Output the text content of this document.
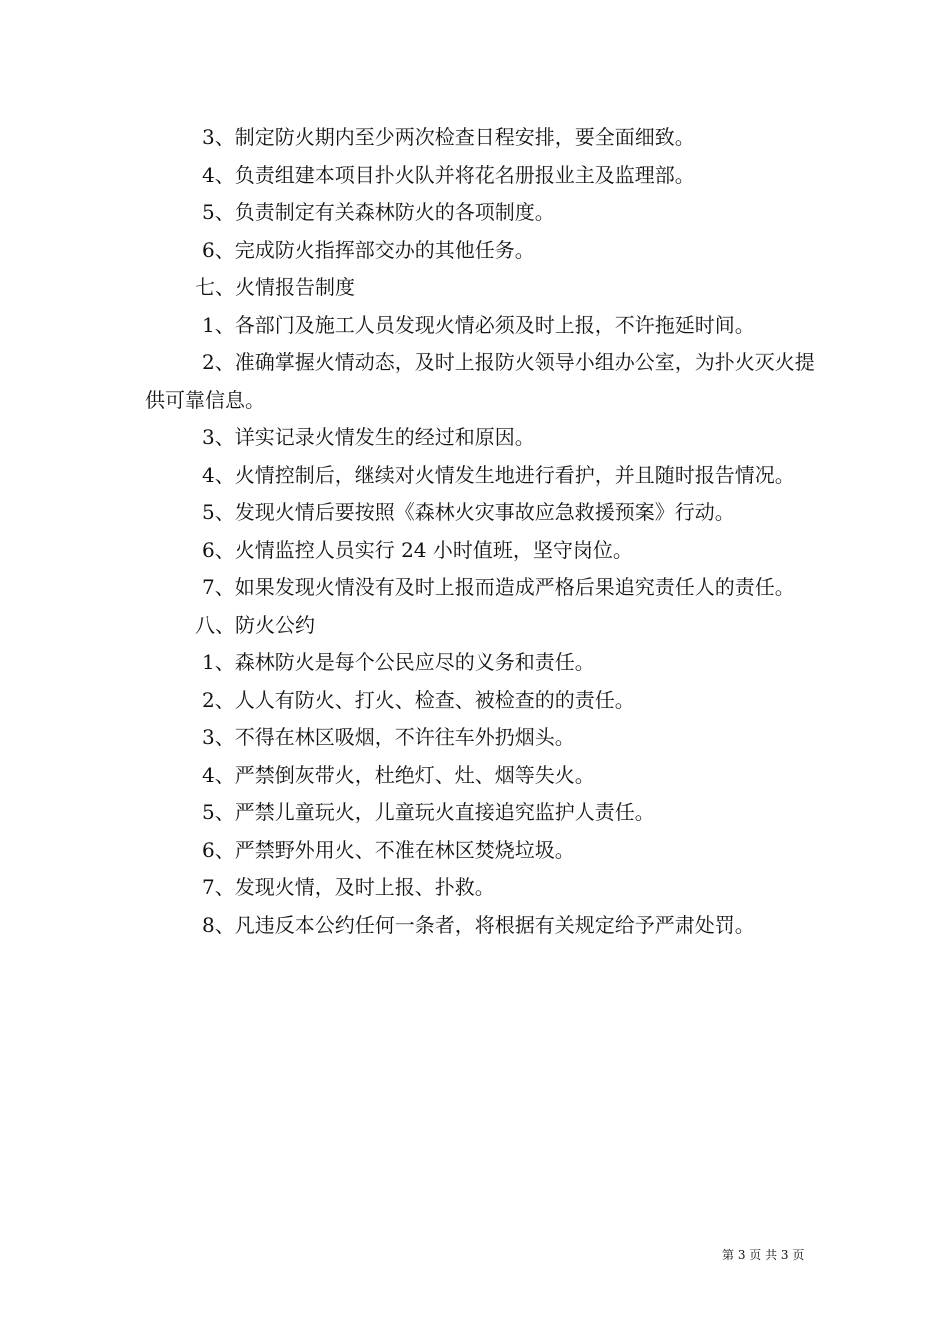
3、制定防火期内至少两次检查日程安排，要全面细致。

4、负责组建本项目扑火队并将花名册报业主及监理部。

5、负责制定有关森林防火的各项制度。

6、完成防火指挥部交办的其他任务。

七、火情报告制度

1、各部门及施工人员发现火情必须及时上报，不许拖延时间。

2、准确掌握火情动态，及时上报防火领导小组办公室，为扑火灭火提供可靠信息。

3、详实记录火情发生的经过和原因。

4、火情控制后，继续对火情发生地进行看护，并且随时报告情况。

5、发现火情后要按照《森林火灾事故应急救援预案》行动。

6、火情监控人员实行 24 小时值班，坚守岗位。

7、如果发现火情没有及时上报而造成严格后果追究责任人的责任。

八、防火公约

1、森林防火是每个公民应尽的义务和责任。

2、人人有防火、打火、检查、被检查的的责任。

3、不得在林区吸烟，不许往车外扔烟头。

4、严禁倒灰带火，杜绝灯、灶、烟等失火。

5、严禁儿童玩火，儿童玩火直接追究监护人责任。

6、严禁野外用火、不准在林区焚烧垃圾。

7、发现火情，及时上报、扑救。

8、凡违反本公约任何一条者，将根据有关规定给予严肃处罚。

第 3 页 共 3 页
